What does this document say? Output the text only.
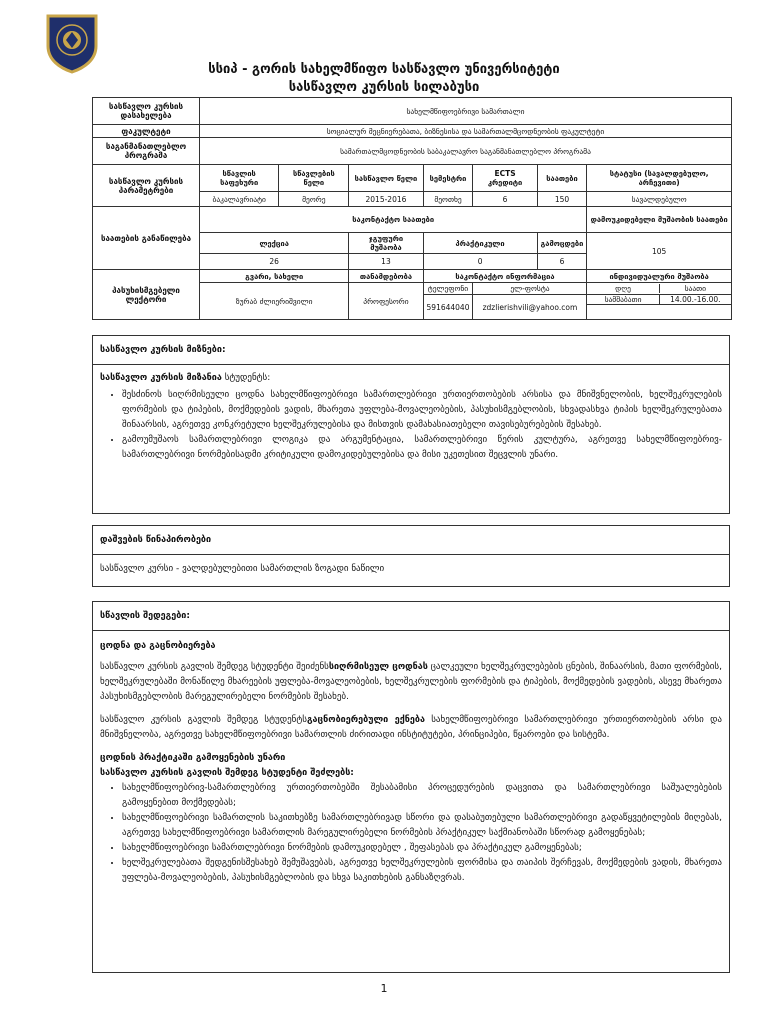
სსიპ - გორის სახელმწიფო სასწავლო უნივერსიტეტი
სასწავლო კურსის სილაბუსი
სასწავლო კურსის დასახელება	სახელმწიფოებრივი სამართალი						
ფაკულტეტი	სოციალურ მეცნიერებათა, ბიზნესისა და სამართალმცოდნეობის ფაკულტეტი						
საგანმანათლებლო პროგრამა	სამართალმცოდნეობის საბაკალავრო საგანმანათლებლო პროგრამა						
სასწავლო კურსის პარამეტრები	სწავლის საფეხური	სწავლების წელი	სასწავლო წელი	სემესტრი	ECTS კრედიტი	საათები	სტატუსი (სავალდებულო, არჩევითი)
	ბაკალავრიატი	მეორე	2015-2016	მეოთხე	6	150	სავალდებულო
საათების განაწილება	საკონტაქტო საათები						დამოუკიდებელი მუშაობის საათები
	ლექცია		ჯგუფური მუშაობა	პრაქტიკული		გამოცდები	105
	26		13	0		6	
პასუხისმგებელი ლექტორი	გვარი, სახელი		თანამდებობა	საკონტაქტო ინფორმაცია			ინდივიდუალური მუშაობა
	ზურაბ ძლიერიშვილი		პროფესორი	ტელეფონი	ელ-ფოსტა		დღე საათი

				591644040	zdzlierishvili@yahoo.com		სამშაბათი 14.00.-16.00.
სასწავლო კურსის მიზნები:
სასწავლო კურსის მიზანია სტუდენტს:
• შესძინოს სიღრმისეული ცოდნა სახელმწიფოებრივი სამართლებრივი ურთიერთობების არსისა და მნიშვნელობის, ხელშეკრულების ფორმების და ტიპების, მოქმედების ვადის, მხარეთა უფლება-მოვალეობების, პასუხისმგებლობის, სხვადასხვა ტიპის ხელშეკრულებათა შინაარსის, აგრეთვე კონკრეტული ხელშეკრულებისა და მისთვის დამახასიათებელი თავისებურებების შესახებ.
• გამოუმუშაოს სამართლებრივი ლოგიკა და არგუმენტაცია, სამართლებრივი წერის კულტურა, აგრეთვე სახელმწიფოებრივ-სამართლებრივი ნორმებისადმი კრიტიკული დამოკიდებულებისა და მისი უკეთესით შეცვლის უნარი.
დაშვების წინაპირობები
სასწავლო კურსი - ვალდებულებითი სამართლის ზოგადი ნაწილი
სწავლის შედეგები:
ცოდნა და გაცნობიერება

სასწავლო კურსის გავლის შემდეგ სტუდენტი შეიძენსსიღრმისეულ ცოდნას ცალკეული ხელშეკრულებების ცნების, შინაარსის, მათი ფორმების, ხელშეკრულებაში მონაწილე მხარეების უფლება-მოვალეობების, ხელშეკრულების ფორმების და ტიპების, მოქმედების ვადების, ასევე მხარეთა პასუხისმგებლობის მარეგულირებელი ნორმების შესახებ.

სასწავლო კურსის გავლის შემდეგ სტუდენტსგაცნობიერებული ექნება სახელმწიფოებრივი სამართლებრივი ურთიერთობების არსი და მნიშვნელობა, აგრეთვე სახელმწიფოებრივი სამართლის ძირითადი ინსტიტუტები, პრინციპები, წყაროები და სისტემა.

ცოდნის პრაქტიკაში გამოყენების უნარი
სასწავლო კურსის გავლის შემდეგ სტუდენტი შეძლებს:
• სახელმწიფოებრივ-სამართლებრივ ურთიერთობებში შესაბამისი პროცედურების დაცვითა და სამართლებრივი საშუალებების გამოყენებით მოქმედებას;
• სახელმწიფოებრივი სამართლის საკითხებზე სამართლებრივად სწორი და დასაბუთებული სამართლებრივი გადაწყვეტილების მიღებას, აგრეთვე სახელმწიფოებრივი სამართლის მარეგულირებელი ნორმების პრაქტიკულ საქმიანობაში სწორად გამოყენებას;
• სახელმწიფოებრივი სამართლებრივი ნორმების დამოუკიდებელ , შეფასებას და პრაქტიკულ გამოყენებას;
• ხელშეკრულებათა შედგენისშესახებ შემუშავებას, აგრეთვე ხელშეკრულების ფორმისა და თაიპის შერჩევას, მოქმედების ვადის, მხარეთა უფლება-მოვალეობების, პასუხისმგებლობის და სხვა საკითხების განსაზღვრას.
1
